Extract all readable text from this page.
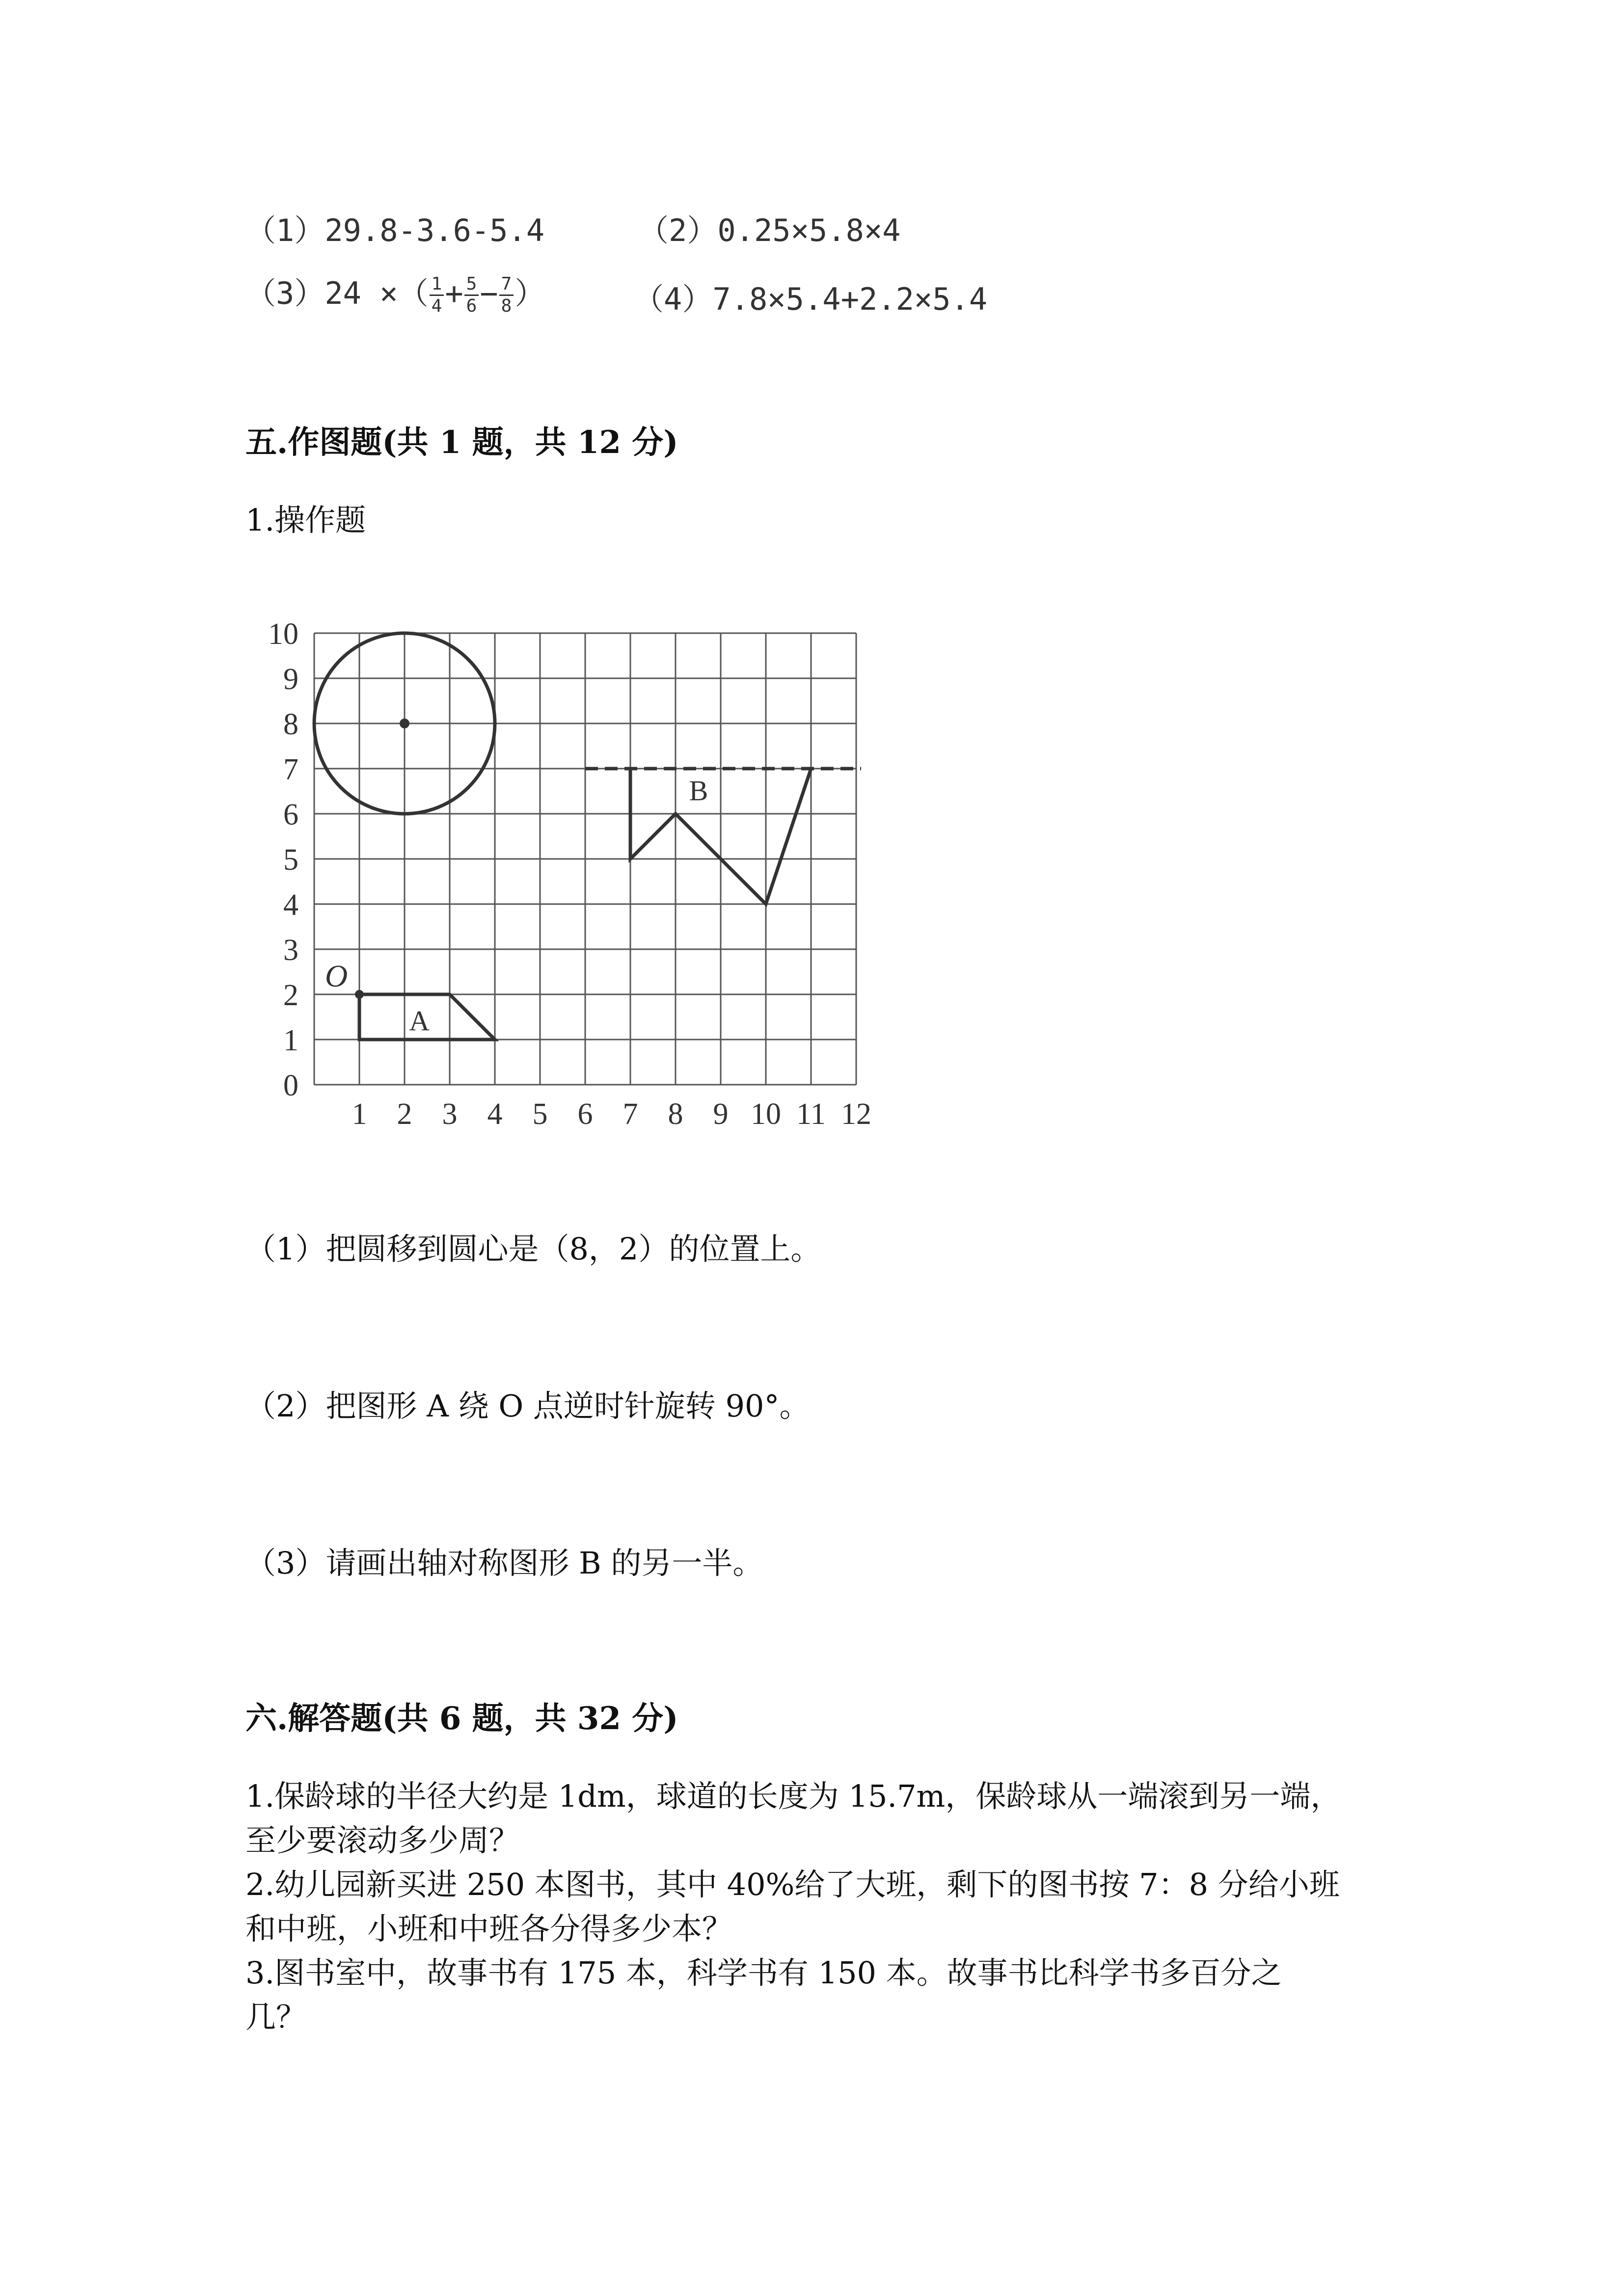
（1）29.8-3.6-5.4	（2）0.25×5.8×4
（3）24 ×（ $\frac{1}{4} + \frac{5}{6} - \frac{7}{8}$ ）	（4）7.8×5.4+2.2×5.4
五.作图题(共 1 题，共 12 分)
1.操作题
1 2 3 4 5 6 7 8 9 10 11 12
0
1
2
3
4
5
6
7
8
9
10
O
A
B
（1）把圆移到圆心是（8，2）的位置上。
（2）把图形 A 绕 O 点逆时针旋转 90°。
（3）请画出轴对称图形 B 的另一半。
六.解答题(共 6 题，共 32 分)
1.保龄球的半径大约是 1dm，球道的长度为 15.7m，保龄球从一端滚到另一端，
至少要滚动多少周？
2.幼儿园新买进 250 本图书，其中 40%给了大班，剩下的图书按 7：8 分给小班
和中班，小班和中班各分得多少本？
3.图书室中，故事书有 175 本，科学书有 150 本。故事书比科学书多百分之
几？
